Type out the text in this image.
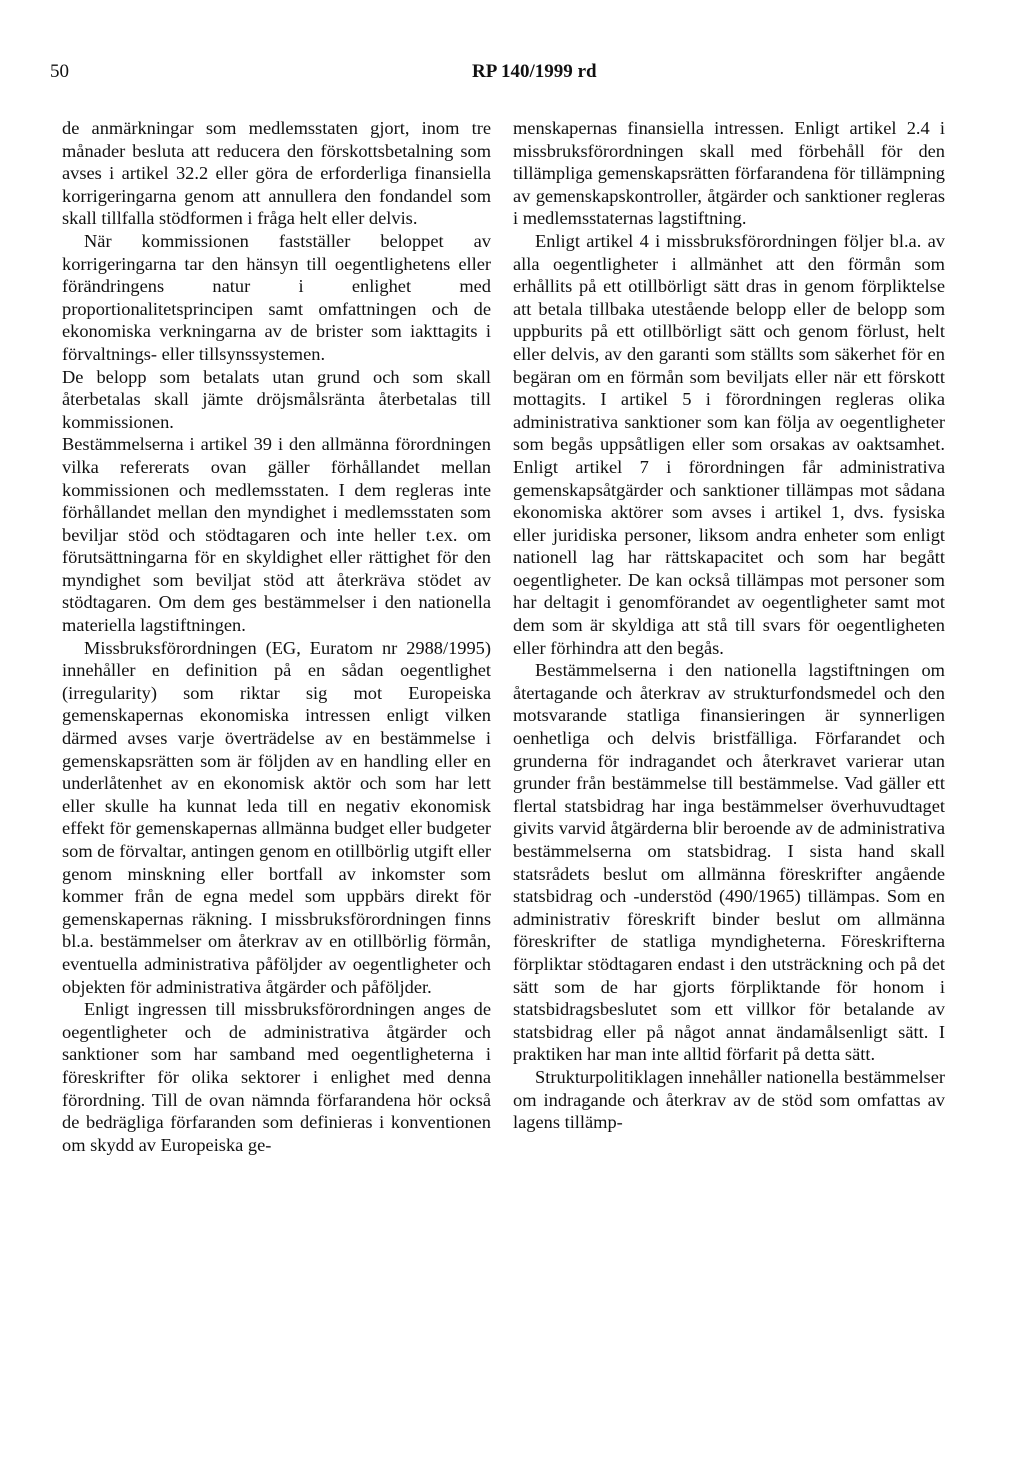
50	RP 140/1999 rd

de anmärkningar som medlemsstaten gjort, inom tre månader besluta att reducera den förskottsbetalning som avses i artikel 32.2 eller göra de erforderliga finansiella korrigeringarna genom att annullera den fondandel som skall tillfalla stödformen i fråga helt eller delvis.

När kommissionen fastställer beloppet av korrigeringarna tar den hänsyn till oegentlighetens eller förändringens natur i enlighet med proportionalitetsprincipen samt omfattningen och de ekonomiska verkningarna av de brister som iakttagits i förvaltnings- eller tillsynssystemen.

De belopp som betalats utan grund och som skall återbetalas skall jämte dröjsmålsränta återbetalas till kommissionen.

Bestämmelserna i artikel 39 i den allmänna förordningen vilka refererats ovan gäller förhållandet mellan kommissionen och medlemsstaten. I dem regleras inte förhållandet mellan den myndighet i medlemsstaten som beviljar stöd och stödtagaren och inte heller t.ex. om förutsättningarna för en skyldighet eller rättighet för den myndighet som beviljat stöd att återkräva stödet av stödtagaren. Om dem ges bestämmelser i den nationella materiella lagstiftningen.

Missbruksförordningen (EG, Euratom nr 2988/1995) innehåller en definition på en sådan oegentlighet (irregularity) som riktar sig mot Europeiska gemenskapernas ekonomiska intressen enligt vilken därmed avses varje överträdelse av en bestämmelse i gemenskapsrätten som är följden av en handling eller en underlåtenhet av en ekonomisk aktör och som har lett eller skulle ha kunnat leda till en negativ ekonomisk effekt för gemenskapernas allmänna budget eller budgeter som de förvaltar, antingen genom en otillbörlig utgift eller genom minskning eller bortfall av inkomster som kommer från de egna medel som uppbärs direkt för gemenskapernas räkning. I missbruksförordningen finns bl.a. bestämmelser om återkrav av en otillbörlig förmån, eventuella administrativa påföljder av oegentligheter och objekten för administrativa åtgärder och påföljder.

Enligt ingressen till missbruksförordningen anges de oegentligheter och de administrativa åtgärder och sanktioner som har samband med oegentligheterna i föreskrifter för olika sektorer i enlighet med denna förordning. Till de ovan nämnda förfarandena hör också de bedrägliga förfaranden som definieras i konventionen om skydd av Europeiska ge-

menskapernas finansiella intressen. Enligt artikel 2.4 i missbruksförordningen skall med förbehåll för den tillämpliga gemenskapsrätten förfarandena för tillämpning av gemenskapskontroller, åtgärder och sanktioner regleras i medlemsstaternas lagstiftning.

Enligt artikel 4 i missbruksförordningen följer bl.a. av alla oegentligheter i allmänhet att den förmån som erhållits på ett otillbörligt sätt dras in genom förpliktelse att betala tillbaka utestående belopp eller de belopp som uppburits på ett otillbörligt sätt och genom förlust, helt eller delvis, av den garanti som ställts som säkerhet för en begäran om en förmån som beviljats eller när ett förskott mottagits. I artikel 5 i förordningen regleras olika administrativa sanktioner som kan följa av oegentligheter som begås uppsåtligen eller som orsakas av oaktsamhet. Enligt artikel 7 i förordningen får administrativa gemenskapsåtgärder och sanktioner tillämpas mot sådana ekonomiska aktörer som avses i artikel 1, dvs. fysiska eller juridiska personer, liksom andra enheter som enligt nationell lag har rättskapacitet och som har begått oegentligheter. De kan också tillämpas mot personer som har deltagit i genomförandet av oegentligheter samt mot dem som är skyldiga att stå till svars för oegentligheten eller förhindra att den begås.

Bestämmelserna i den nationella lagstiftningen om återtagande och återkrav av strukturfondsmedel och den motsvarande statliga finansieringen är synnerligen oenhetliga och delvis bristfälliga. Förfarandet och grunderna för indragandet och återkravet varierar utan grunder från bestämmelse till bestämmelse. Vad gäller ett flertal statsbidrag har inga bestämmelser överhuvudtaget givits varvid åtgärderna blir beroende av de administrativa bestämmelserna om statsbidrag. I sista hand skall statsrådets beslut om allmänna föreskrifter angående statsbidrag och -understöd (490/1965) tillämpas. Som en administrativ föreskrift binder beslut om allmänna föreskrifter de statliga myndigheterna. Föreskrifterna förpliktar stödtagaren endast i den utsträckning och på det sätt som de har gjorts förpliktande för honom i statsbidragsbeslutet som ett villkor för betalande av statsbidrag eller på något annat ändamålsenligt sätt. I praktiken har man inte alltid förfarit på detta sätt.

Strukturpolitiklagen innehåller nationella bestämmelser om indragande och återkrav av de stöd som omfattas av lagens tillämp-
